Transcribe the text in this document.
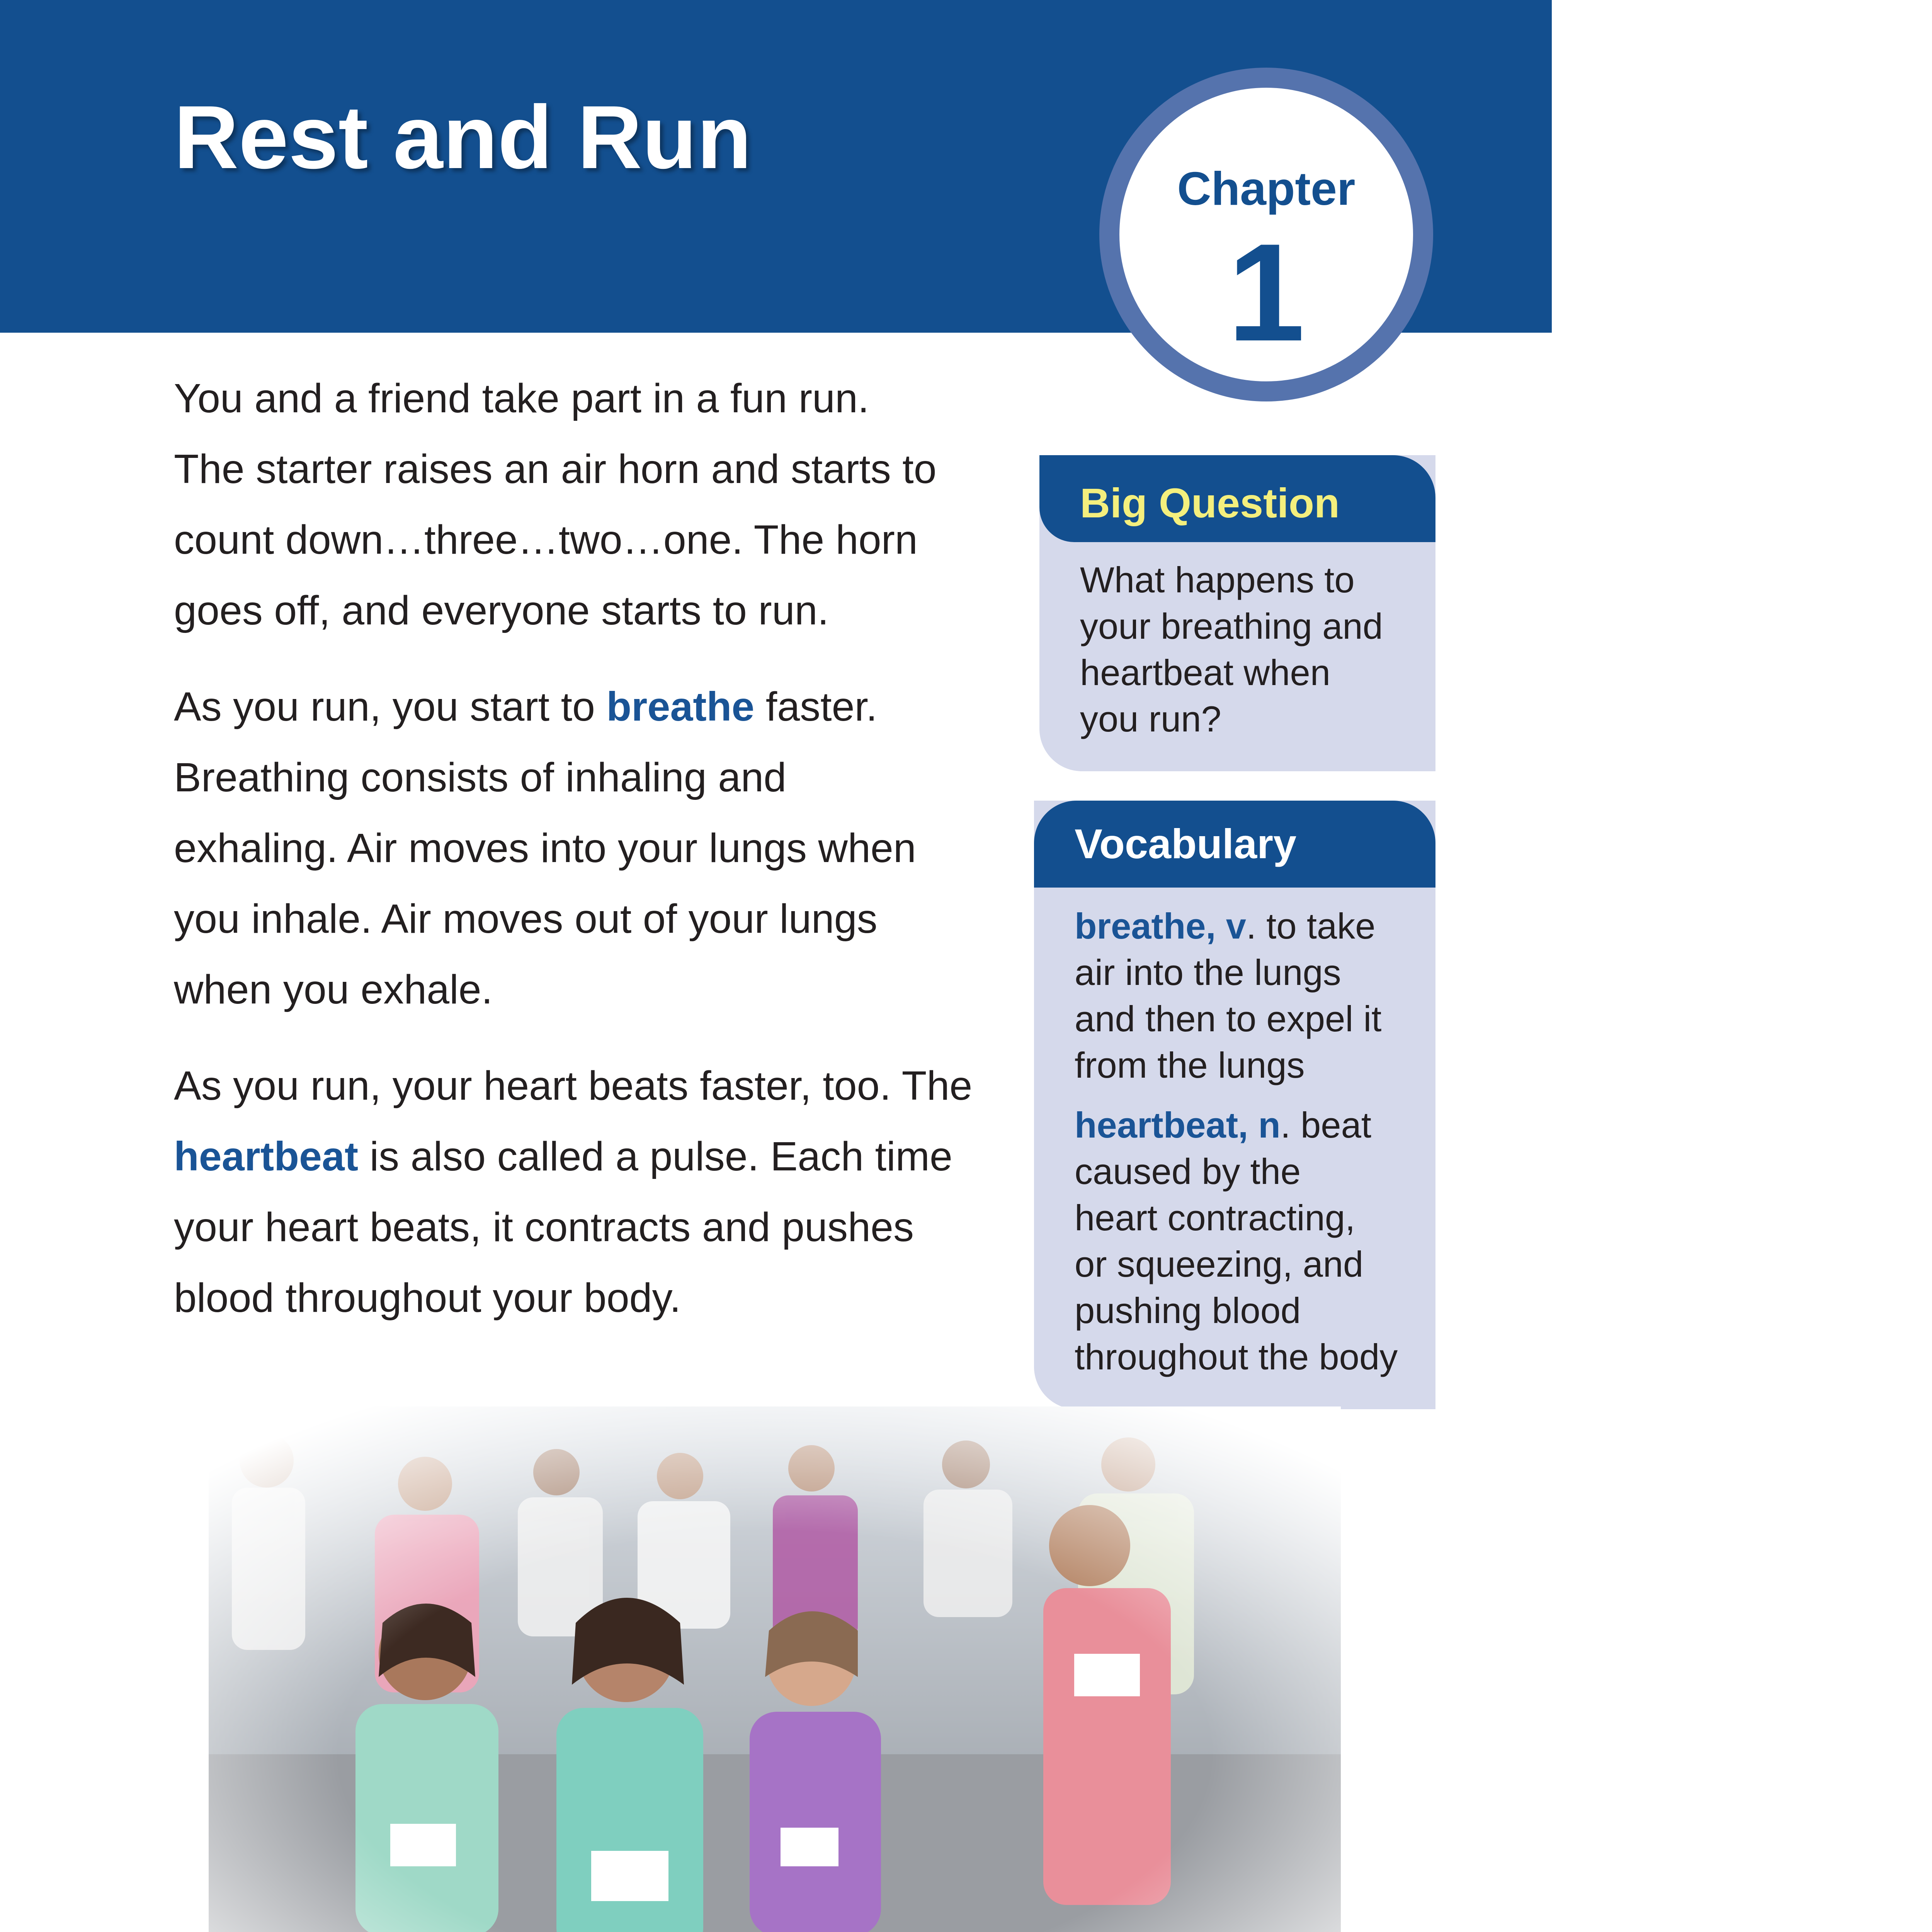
Rest and Run
Chapter
1

You and a friend take part in a fun run.
The starter raises an air horn and starts to
count down…three…two…one. The horn
goes off, and everyone starts to run.

As you run, you start to breathe faster.
Breathing consists of inhaling and
exhaling. Air moves into your lungs when
you inhale. Air moves out of your lungs
when you exhale.

As you run, your heart beats faster, too. The
heartbeat is also called a pulse. Each time
your heart beats, it contracts and pushes
blood throughout your body.

Big Question
What happens to
your breathing and
heartbeat when
you run?
Vocabulary
breathe, v. to take
air into the lungs
and then to expel it
from the lungs
heartbeat, n. beat
caused by the
heart contracting,
or squeezing, and
pushing blood
throughout the body
